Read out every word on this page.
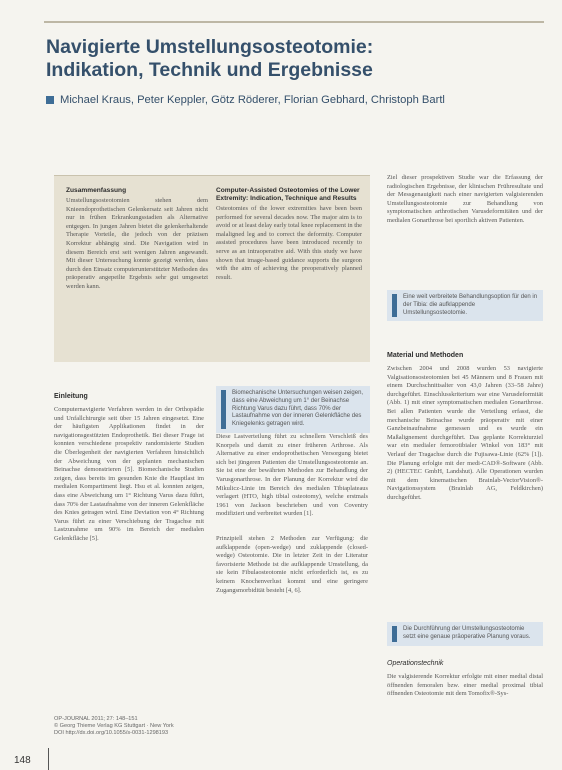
Navigierte Umstellungsosteotomie:
Indikation, Technik und Ergebnisse
Michael Kraus, Peter Keppler, Götz Röderer, Florian Gebhard, Christoph Bartl
Zusammenfassung

Umstellungsosteotomien stehen dem Knieendoprothetischen Gelenkersatz seit Jahren nicht nur in frühen Erkrankungsstadien als Alternative entgegen. In jungen Jahren bietet die gelenkerhaltende Therapie Vorteile, die jedoch von der präzisen Korrektur abhängig sind. Die Navigation wird in diesem Bereich erst seit wenigen Jahren angewandt. Mit dieser Untersuchung konnte gezeigt werden, dass durch den Einsatz computerunterstützter Methoden des präoperativ angepeilte Ergebnis sehr gut umgesetzt werden kann.

Computer-Assisted Osteotomies of the Lower Extremity: Indication, Technique and Results

Osteotomies of the lower extremities have been been performed for several decades now. The major aim is to avoid or at least delay early total knee replacement in the malaligned leg and to correct the deformity. Computer assisted procedures have been introduced recently to serve as an intraoperative aid. With this study we have shown that image-based guidance supports the surgeon with the aim of achieving the preoperatively planned result.

Einleitung

Computernavigierte Verfahren werden in der Orthopädie und Unfallchirurgie seit über 15 Jahren eingesetzt. Eine der häufigsten Applikationen findet in der navigationsgestützten Endoprothetik. Bei dieser Frage ist konnten verschiedene prospektiv randomisierte Studien die Überlegenheit der navigierten Verfahren hinsichtlich der Abweichung von der geplanten mechanischen Beinachse demonstrieren [5]. Biomechanische Studien zeigen, dass bereits im gesunden Knie die Hauptlast im medialen Kompartiment liegt. Hsu et al. konnten zeigen, dass eine Abweichung um 1° Richtung Varus dazu führt, dass 70% der Lastaufnahme von der inneren Gelenkfläche des Knies getragen wird. Eine Deviation von 4° Richtung Varus führt zu einer Verschiebung der Tragachse mit Lastzunahme um 90% im Bereich der medialen Gelenkfläche [5].

OP-JOURNAL 2011; 27: 148–151
© Georg Thieme Verlag KG Stuttgart · New York
DOI http://dx.doi.org/10.1055/s-0031-1298193
148
Biomechanische Untersuchungen weisen zeigen, dass eine Abweichung um 1° der Beinachse Richtung Varus dazu führt, dass 70% der Lastaufnahme von der inneren Gelenkfläche des Kniegelenks getragen wird.

Diese Lastverteilung führt zu schnellem Verschleiß des Knorpels und damit zu einer früheren Arthrose. Als Alternative zu einer endoprothetischen Versorgung bietet sich bei jüngeren Patienten die Umstellungsosteotomie an. Sie ist eine der bewährten Methoden zur Behandlung der Varusgonarthrose. In der Planung der Korrektur wird die Mikulicz-Linie im Bereich des medialen Tibiaplateaus verlagert (HTO, high tibial osteotomy), welche erstmals 1961 von Jackson beschrieben und von Coventry modifiziert und verbreitet wurden [1].

Prinzipiell stehen 2 Methoden zur Verfügung: die aufklappende (open-wedge) und zuklappende (closed-wedge) Osteotomie. Die in letzter Zeit in der Literatur favorisierte Methode ist die aufklappende Umstellung, da sie kein Fibulaosteotomie nicht erforderlich ist, es zu keinem Knochenverlust kommt und eine geringere Zugangsmorbidität besteht [4, 6].

Ziel dieser prospektiven Studie war die Erfassung der radiologischen Ergebnisse, der klinischen Frühresultate und der Messgenauigkeit nach einer navigierten valgisierenden Umstellungsosteotomie zur Behandlung von symptomatischen arthrotischen Varusdeformitäten und der medialen Gonarthrose bei sportlich aktiven Patienten.

Eine weit verbreitete Behandlungsoption für den in der Tibia: die aufklappende Umstellungsosteotomie.
Material und Methoden

Zwischen 2004 und 2008 wurden 53 navigierte Valgisationsosteotomien bei 45 Männern und 8 Frauen mit einem Durchschnittsalter von 43,0 Jahren (33–58 Jahre) durchgeführt. Einschlusskriterium war eine Varusdeformität (Abb. 1) mit einer symptomatischen medialen Gonarthrose. Bei allen Patienten wurde die Verteilung erfasst, die mechanische Beinachse wurde präoperativ mit einer Ganzbeinaufnahme gemessen und es wurde ein Maßalignement durchgeführt. Das geplante Korrekturziel war ein medialer femorotibialer Winkel von 183° mit Verlauf der Tragachse durch die Fujisawa-Linie (62% [1]). Die Planung erfolgte mit der medi-CAD®-Software (Abb. 2) (HECTEC GmbH, Landshut). Alle Operationen wurden mit dem kinematischen Brainlab-VectorVision®-Navigationssystem (Brainlab AG, Feldkirchen) durchgeführt.

Die Durchführung der Umstellungsosteotomie setzt eine genaue präoperative Planung voraus.
Operationstechnik

Die valgisierende Korrektur erfolgte mit einer medial distal öffnenden femoralen bzw. einer medial proximal tibial öffnenden Osteotomie mit dem Tomofix®-Sys-
